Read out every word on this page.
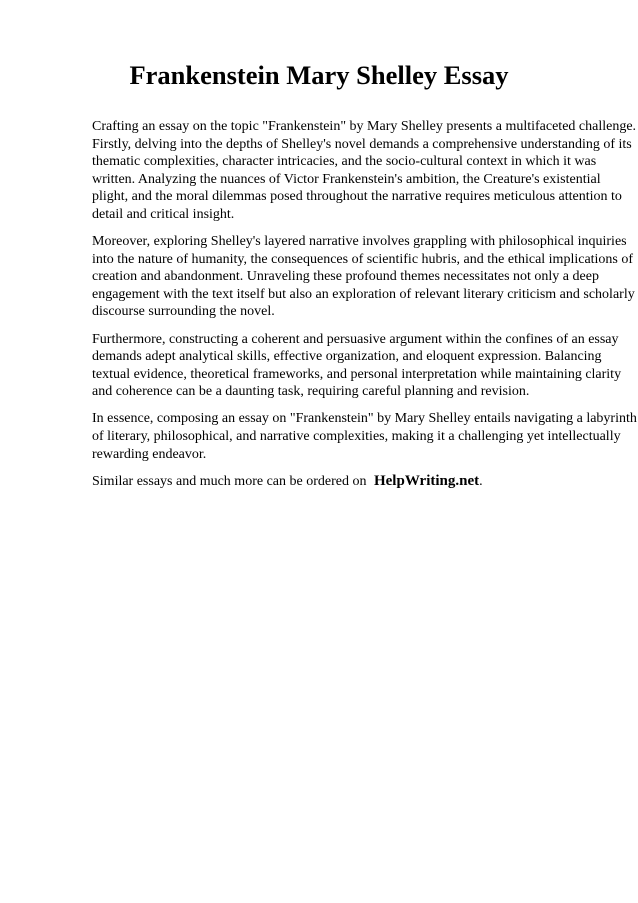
Frankenstein Mary Shelley Essay

Crafting an essay on the topic "Frankenstein" by Mary Shelley presents a multifaceted challenge.
Firstly, delving into the depths of Shelley's novel demands a comprehensive understanding of its
thematic complexities, character intricacies, and the socio-cultural context in which it was
written. Analyzing the nuances of Victor Frankenstein's ambition, the Creature's existential
plight, and the moral dilemmas posed throughout the narrative requires meticulous attention to
detail and critical insight.

Moreover, exploring Shelley's layered narrative involves grappling with philosophical inquiries
into the nature of humanity, the consequences of scientific hubris, and the ethical implications of
creation and abandonment. Unraveling these profound themes necessitates not only a deep
engagement with the text itself but also an exploration of relevant literary criticism and scholarly
discourse surrounding the novel.

Furthermore, constructing a coherent and persuasive argument within the confines of an essay
demands adept analytical skills, effective organization, and eloquent expression. Balancing
textual evidence, theoretical frameworks, and personal interpretation while maintaining clarity
and coherence can be a daunting task, requiring careful planning and revision.

In essence, composing an essay on "Frankenstein" by Mary Shelley entails navigating a labyrinth
of literary, philosophical, and narrative complexities, making it a challenging yet intellectually
rewarding endeavor.

Similar essays and much more can be ordered on HelpWriting.net.
